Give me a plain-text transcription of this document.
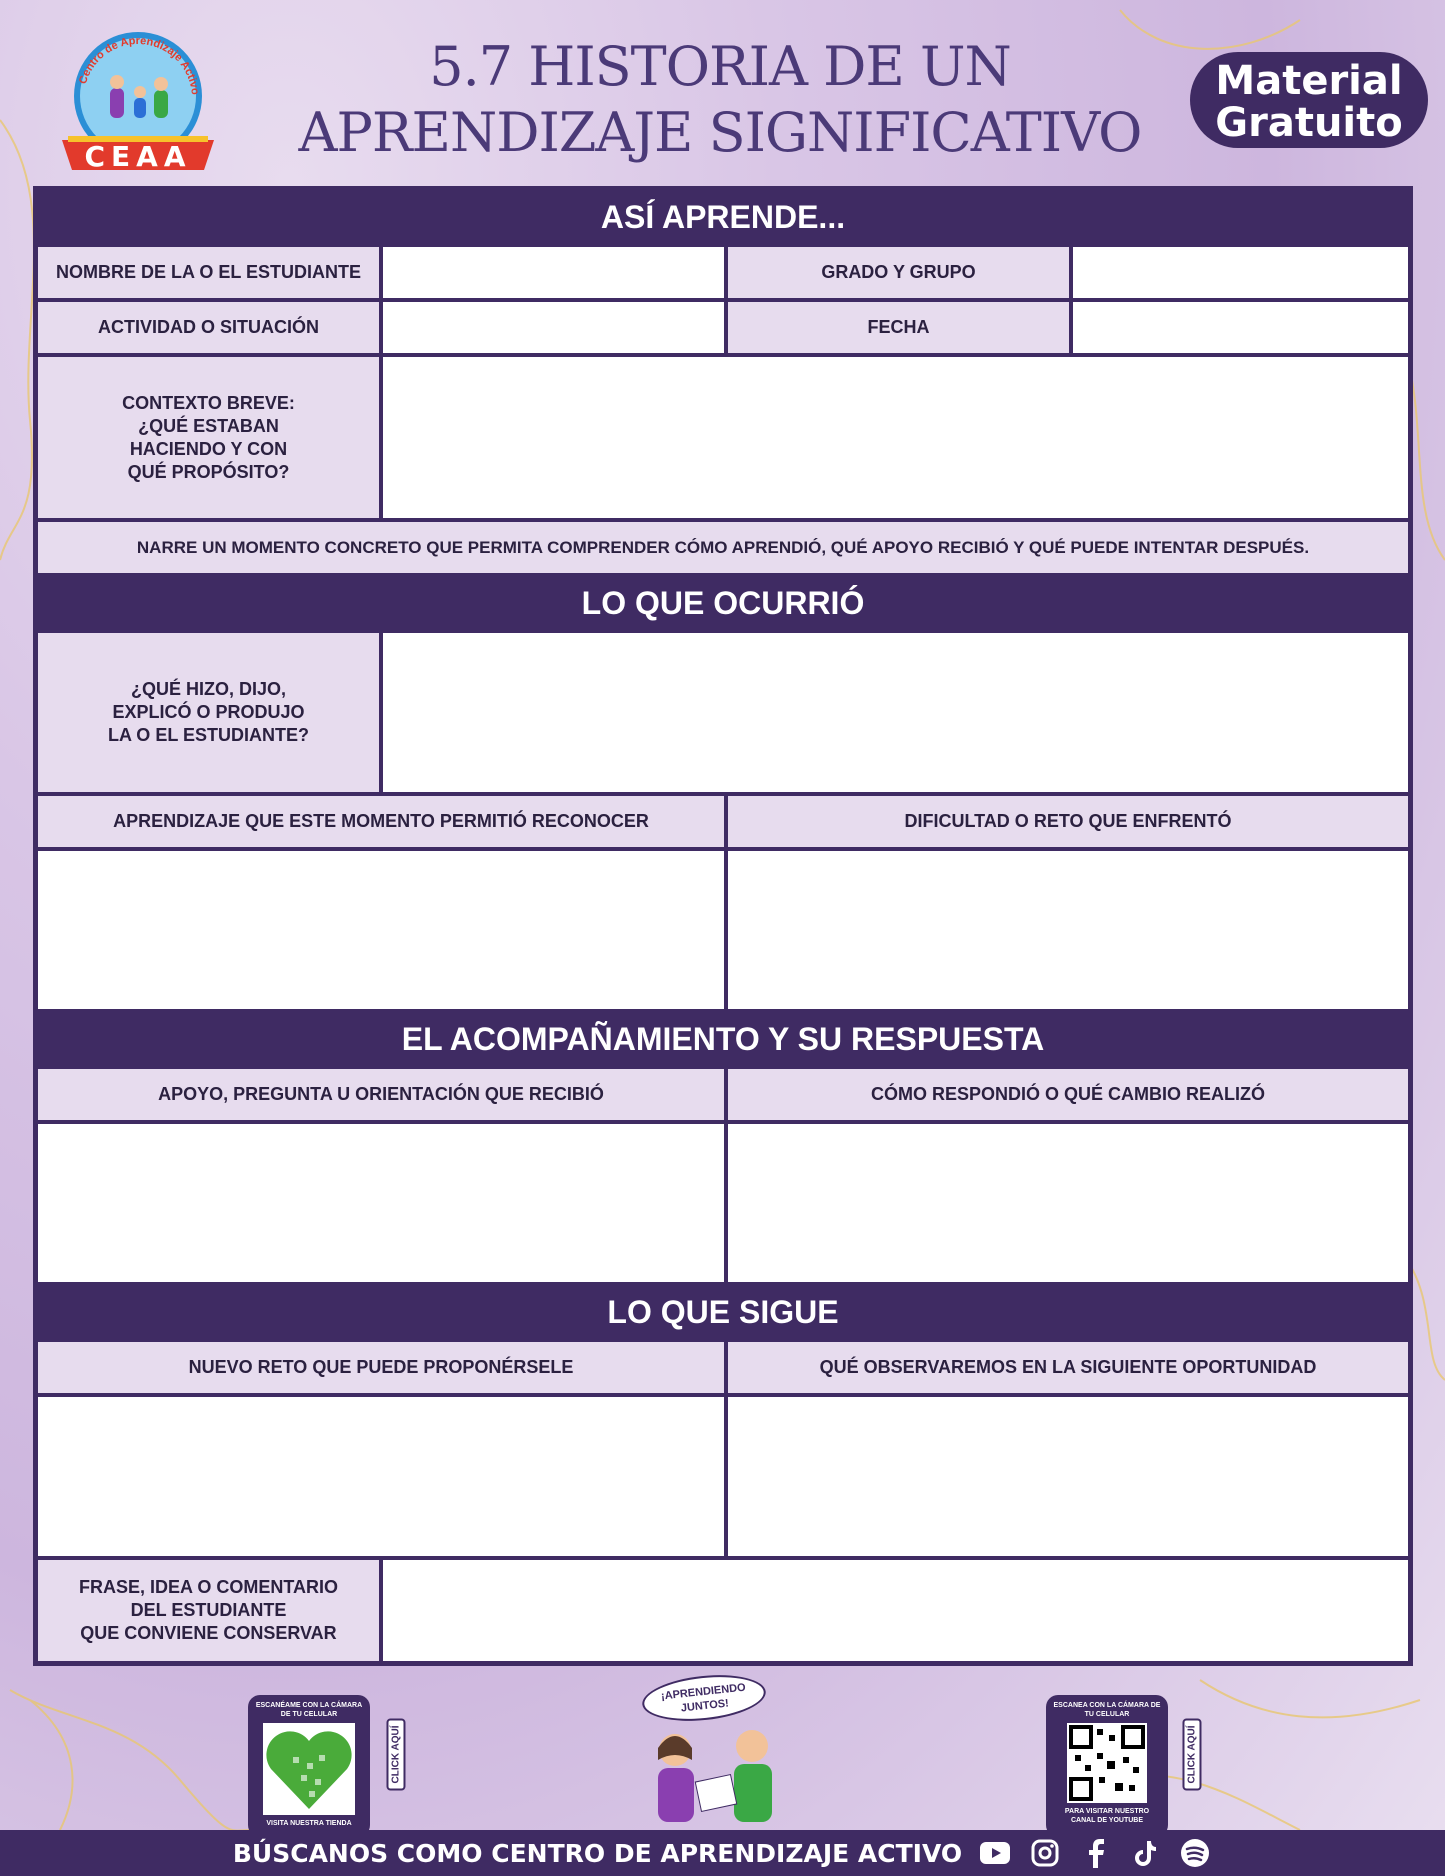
Centro de Aprendizaje Activo
CEAA
5.7 HISTORIA DE UN
APRENDIZAJE SIGNIFICATIVO
Material
Gratuito
ASÍ APRENDE...
NOMBRE DE LA O EL ESTUDIANTE	GRADO Y GRUPO
ACTIVIDAD O SITUACIÓN	FECHA
CONTEXTO BREVE:
¿QUÉ ESTABAN
HACIENDO Y CON
QUÉ PROPÓSITO?
NARRE UN MOMENTO CONCRETO QUE PERMITA COMPRENDER CÓMO APRENDIÓ, QUÉ APOYO RECIBIÓ Y QUÉ PUEDE INTENTAR DESPUÉS.
LO QUE OCURRIÓ
¿QUÉ HIZO, DIJO,
EXPLICÓ O PRODUJO
LA O EL ESTUDIANTE?
APRENDIZAJE QUE ESTE MOMENTO PERMITIÓ RECONOCER	DIFICULTAD O RETO QUE ENFRENTÓ
EL ACOMPAÑAMIENTO Y SU RESPUESTA
APOYO, PREGUNTA U ORIENTACIÓN QUE RECIBIÓ	CÓMO RESPONDIÓ O QUÉ CAMBIO REALIZÓ
LO QUE SIGUE
NUEVO RETO QUE PUEDE PROPONÉRSELE	QUÉ OBSERVAREMOS EN LA SIGUIENTE OPORTUNIDAD
FRASE, IDEA O COMENTARIO
DEL ESTUDIANTE
QUE CONVIENE CONSERVAR
ESCANÉAME CON LA CÁMARA DE TU CELULAR
VISITA NUESTRA TIENDA
CLICK AQUÍ
¡APRENDIENDO
JUNTOS!	ESCANEA CON LA CÁMARA DE TU CELULAR
PARA VISITAR NUESTRO CANAL DE YOUTUBE
CLICK AQUÍ
BÚSCANOS COMO CENTRO DE APRENDIZAJE ACTIVO
